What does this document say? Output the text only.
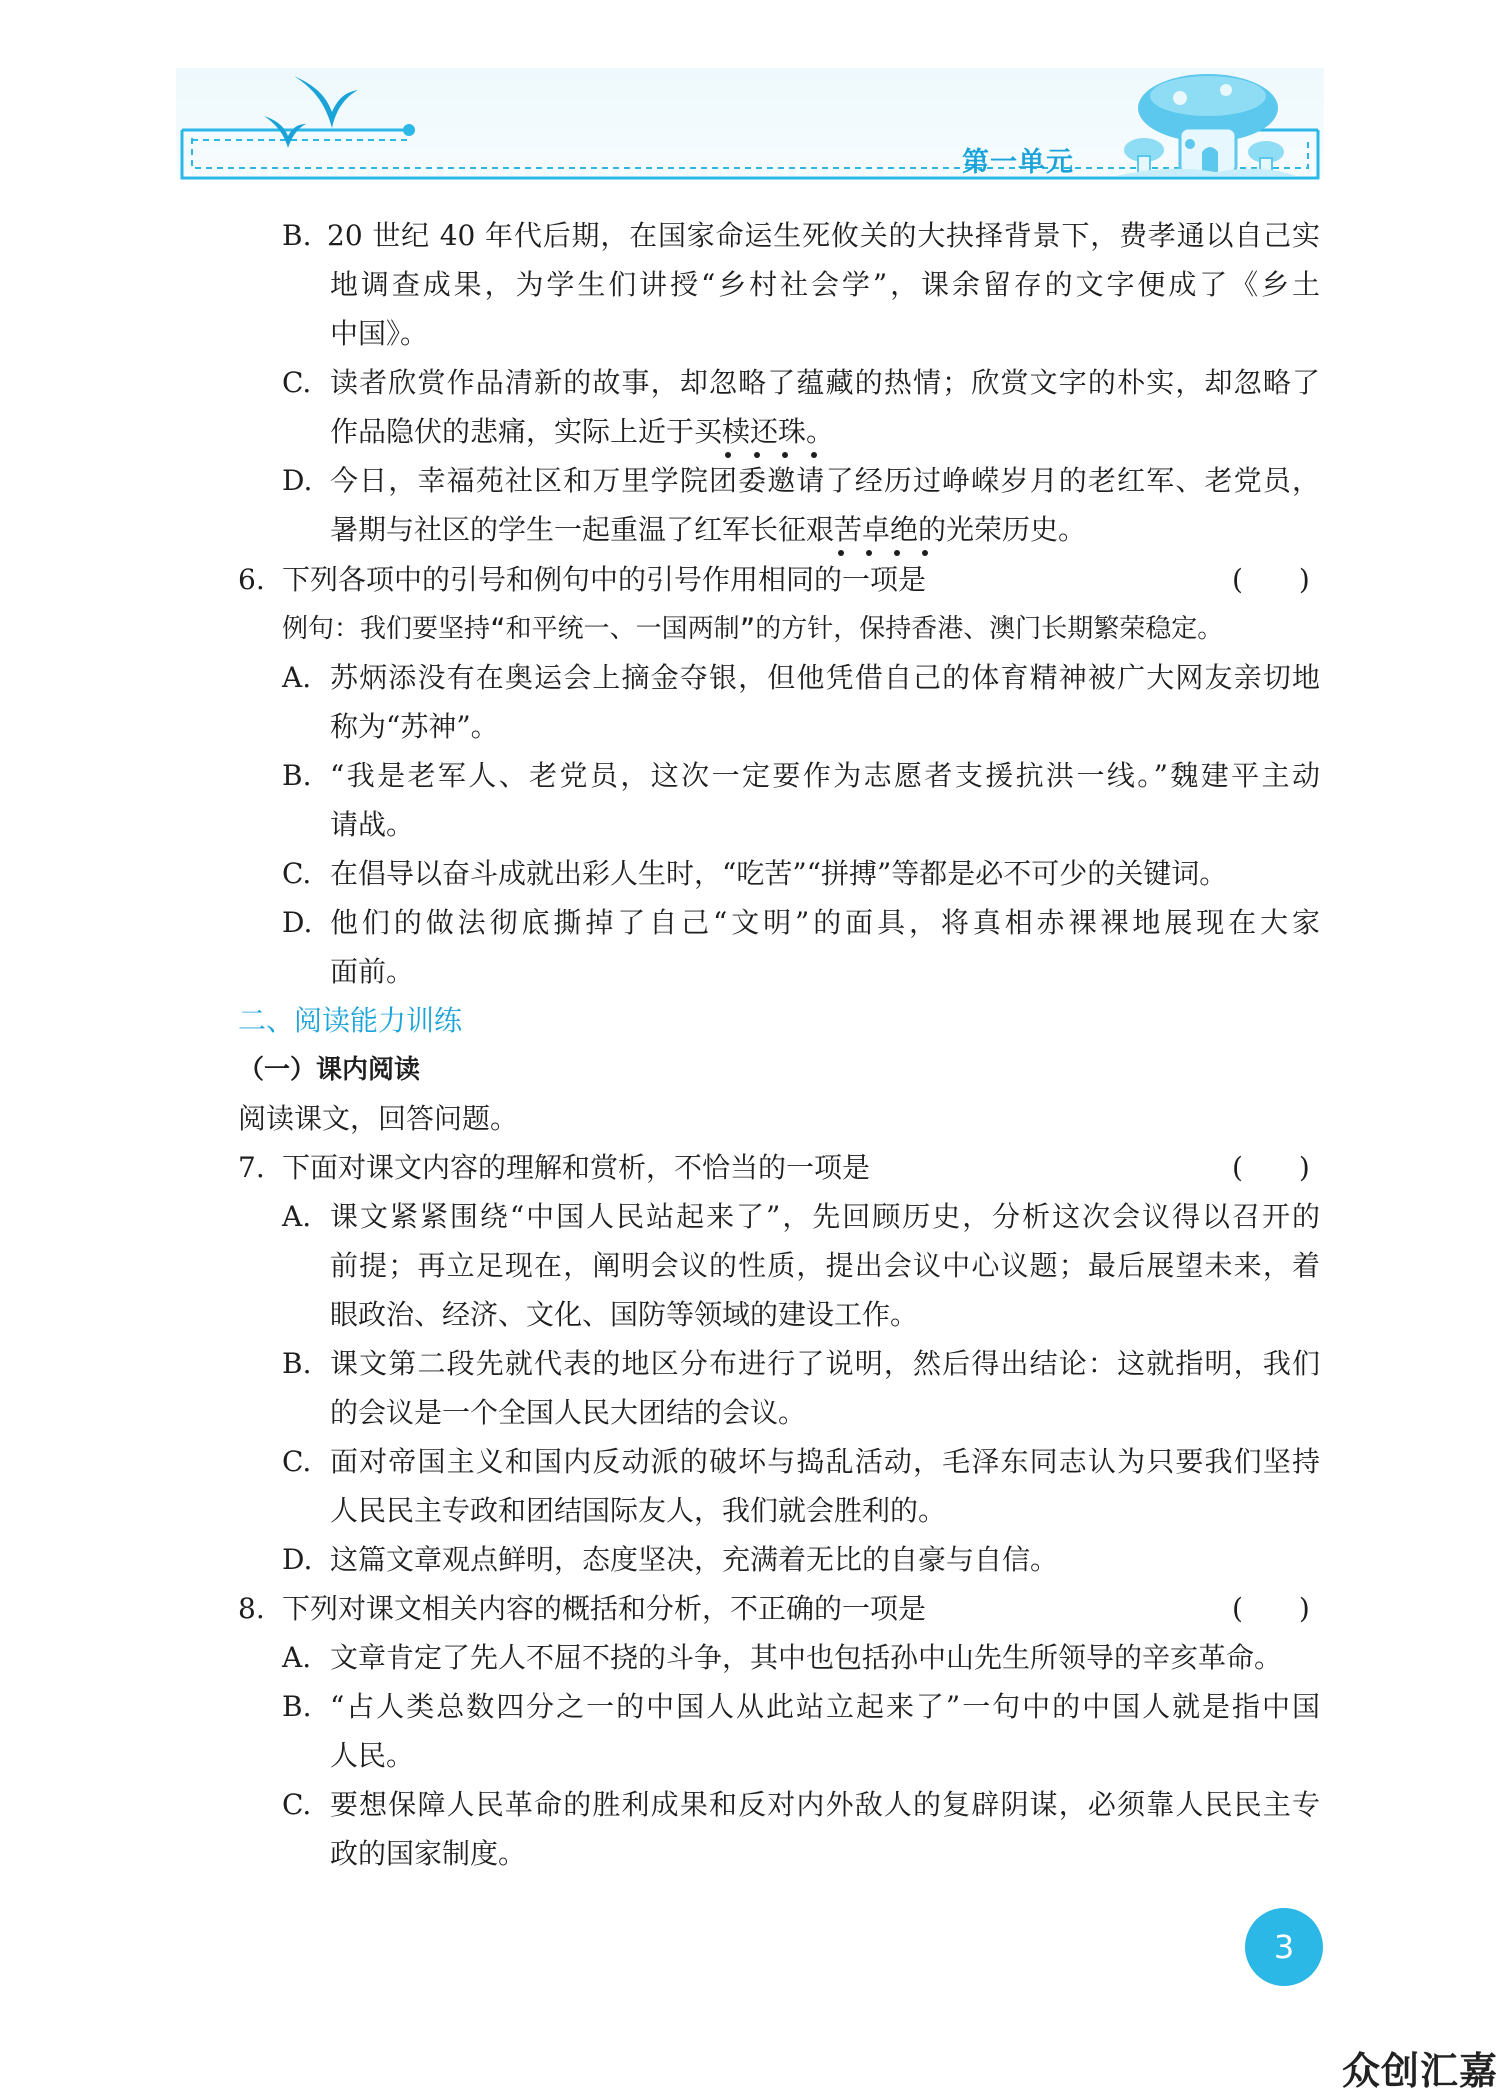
第一单元
B. 20 世纪 40 年代后期，在国家命运生死攸关的大抉择背景下，费孝通以自己实
地调查成果，为学生们讲授“乡村社会学”，课余留存的文字便成了《乡土
中国》。
C. 读者欣赏作品清新的故事，却忽略了蕴藏的热情；欣赏文字的朴实，却忽略了
作品隐伏的悲痛，实际上近于买椟还珠。
D. 今日，幸福苑社区和万里学院团委邀请了经历过峥嵘岁月的老红军、老党员，
暑期与社区的学生一起重温了红军长征艰苦卓绝的光荣历史。
6. 下列各项中的引号和例句中的引号作用相同的一项是	(　　)
例句：我们要坚持“和平统一、一国两制”的方针，保持香港、澳门长期繁荣稳定。
A. 苏炳添没有在奥运会上摘金夺银，但他凭借自己的体育精神被广大网友亲切地
称为“苏神”。
B. “我是老军人、老党员，这次一定要作为志愿者支援抗洪一线。”魏建平主动
请战。
C. 在倡导以奋斗成就出彩人生时，“吃苦”“拼搏”等都是必不可少的关键词。
D. 他们的做法彻底撕掉了自己“文明”的面具，将真相赤裸裸地展现在大家
面前。
二、阅读能力训练
（一）课内阅读
阅读课文，回答问题。
7. 下面对课文内容的理解和赏析，不恰当的一项是	(　　)
A. 课文紧紧围绕“中国人民站起来了”，先回顾历史，分析这次会议得以召开的
前提；再立足现在，阐明会议的性质，提出会议中心议题；最后展望未来，着
眼政治、经济、文化、国防等领域的建设工作。
B. 课文第二段先就代表的地区分布进行了说明，然后得出结论：这就指明，我们
的会议是一个全国人民大团结的会议。
C. 面对帝国主义和国内反动派的破坏与捣乱活动，毛泽东同志认为只要我们坚持
人民民主专政和团结国际友人，我们就会胜利的。
D. 这篇文章观点鲜明，态度坚决，充满着无比的自豪与自信。
8. 下列对课文相关内容的概括和分析，不正确的一项是	(　　)
A. 文章肯定了先人不屈不挠的斗争，其中也包括孙中山先生所领导的辛亥革命。
B. “占人类总数四分之一的中国人从此站立起来了”一句中的中国人就是指中国
人民。
C. 要想保障人民革命的胜利成果和反对内外敌人的复辟阴谋，必须靠人民民主专
政的国家制度。
3
众创汇嘉
